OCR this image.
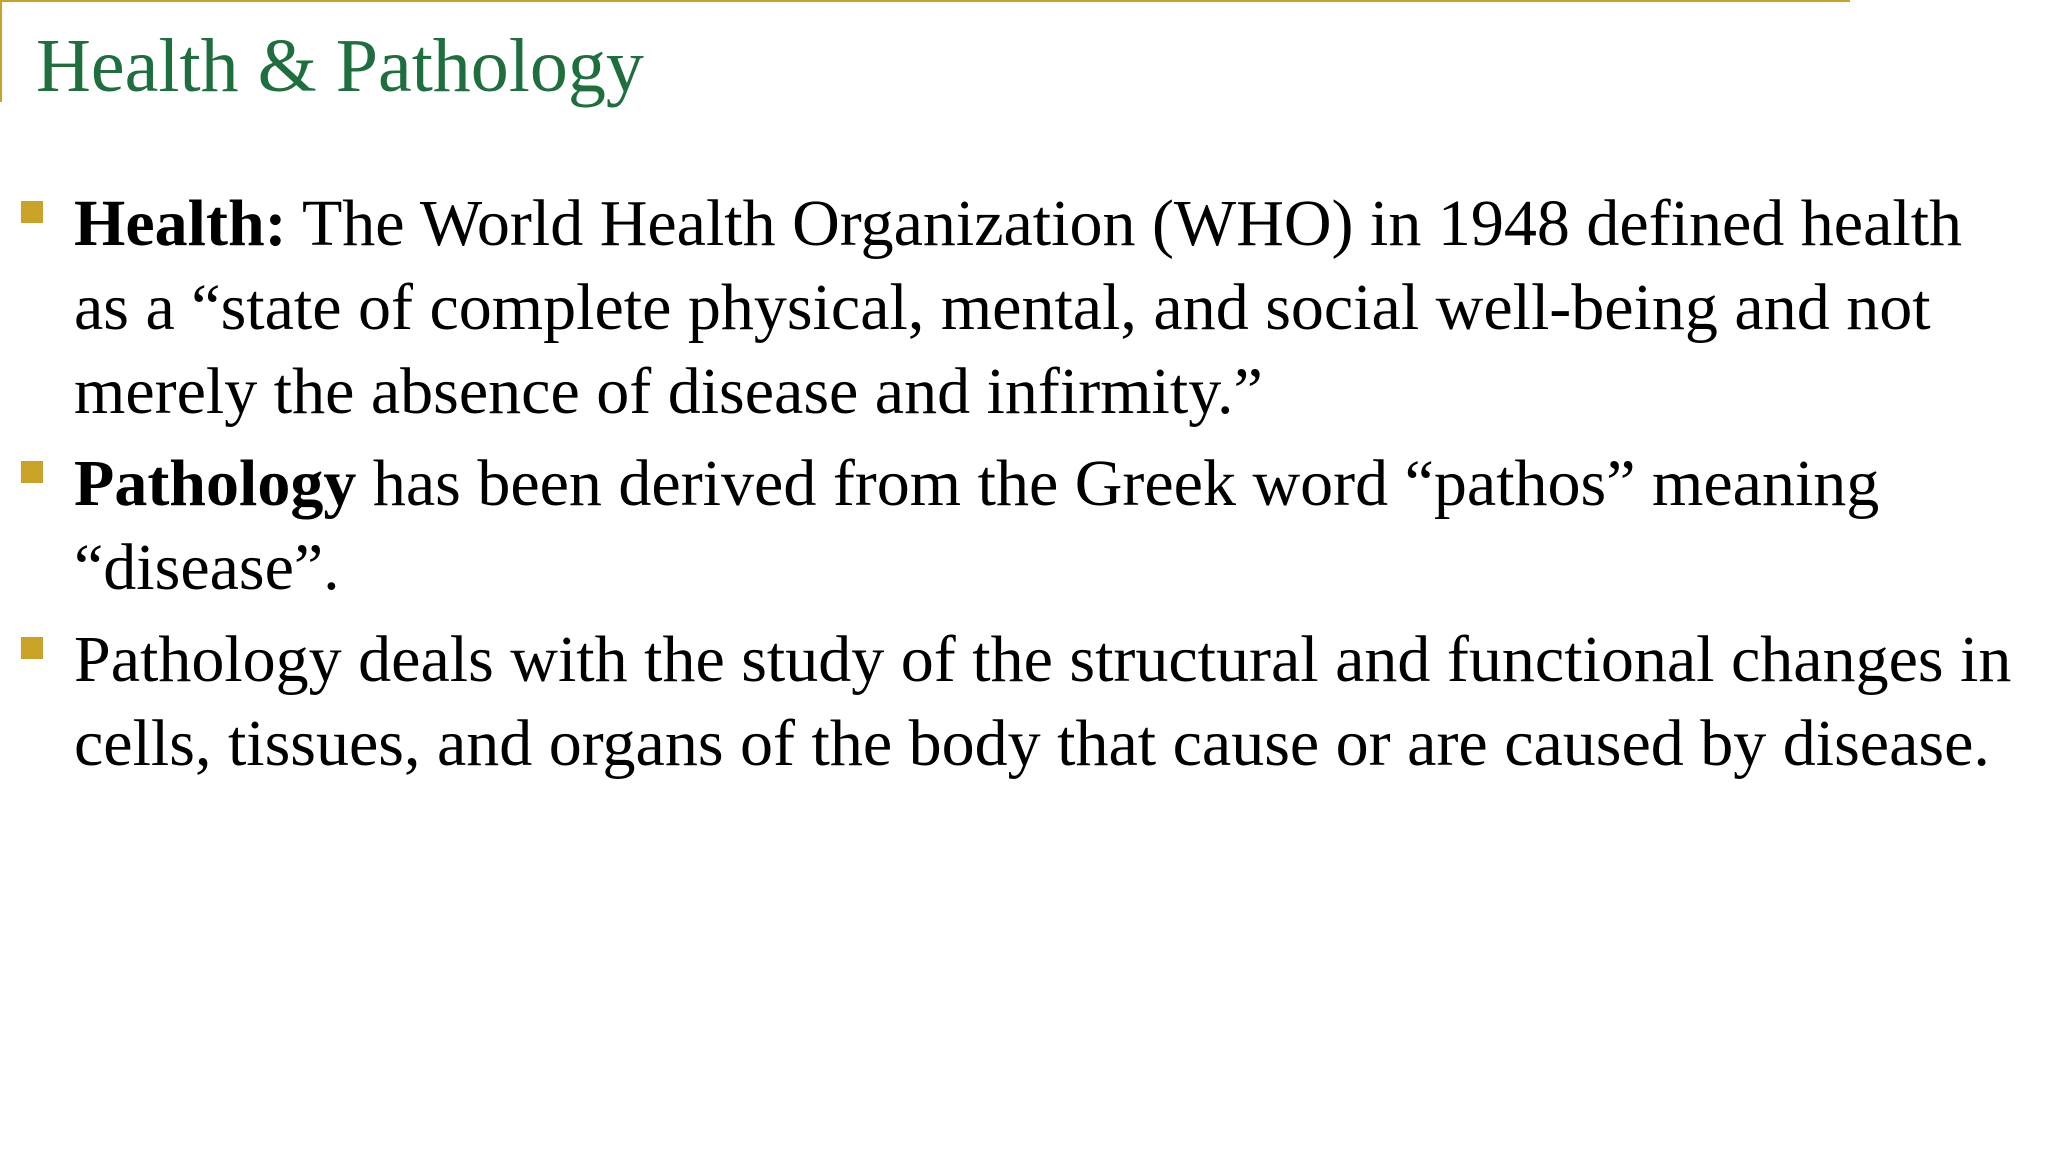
Health & Pathology
Health: The World Health Organization (WHO) in 1948 defined health as a “state of complete physical, mental, and social well-being and not merely the absence of disease and infirmity.”
Pathology has been derived from the Greek word “pathos” meaning “disease”.
Pathology deals with the study of the structural and functional changes in cells, tissues, and organs of the body that cause or are caused by disease.
